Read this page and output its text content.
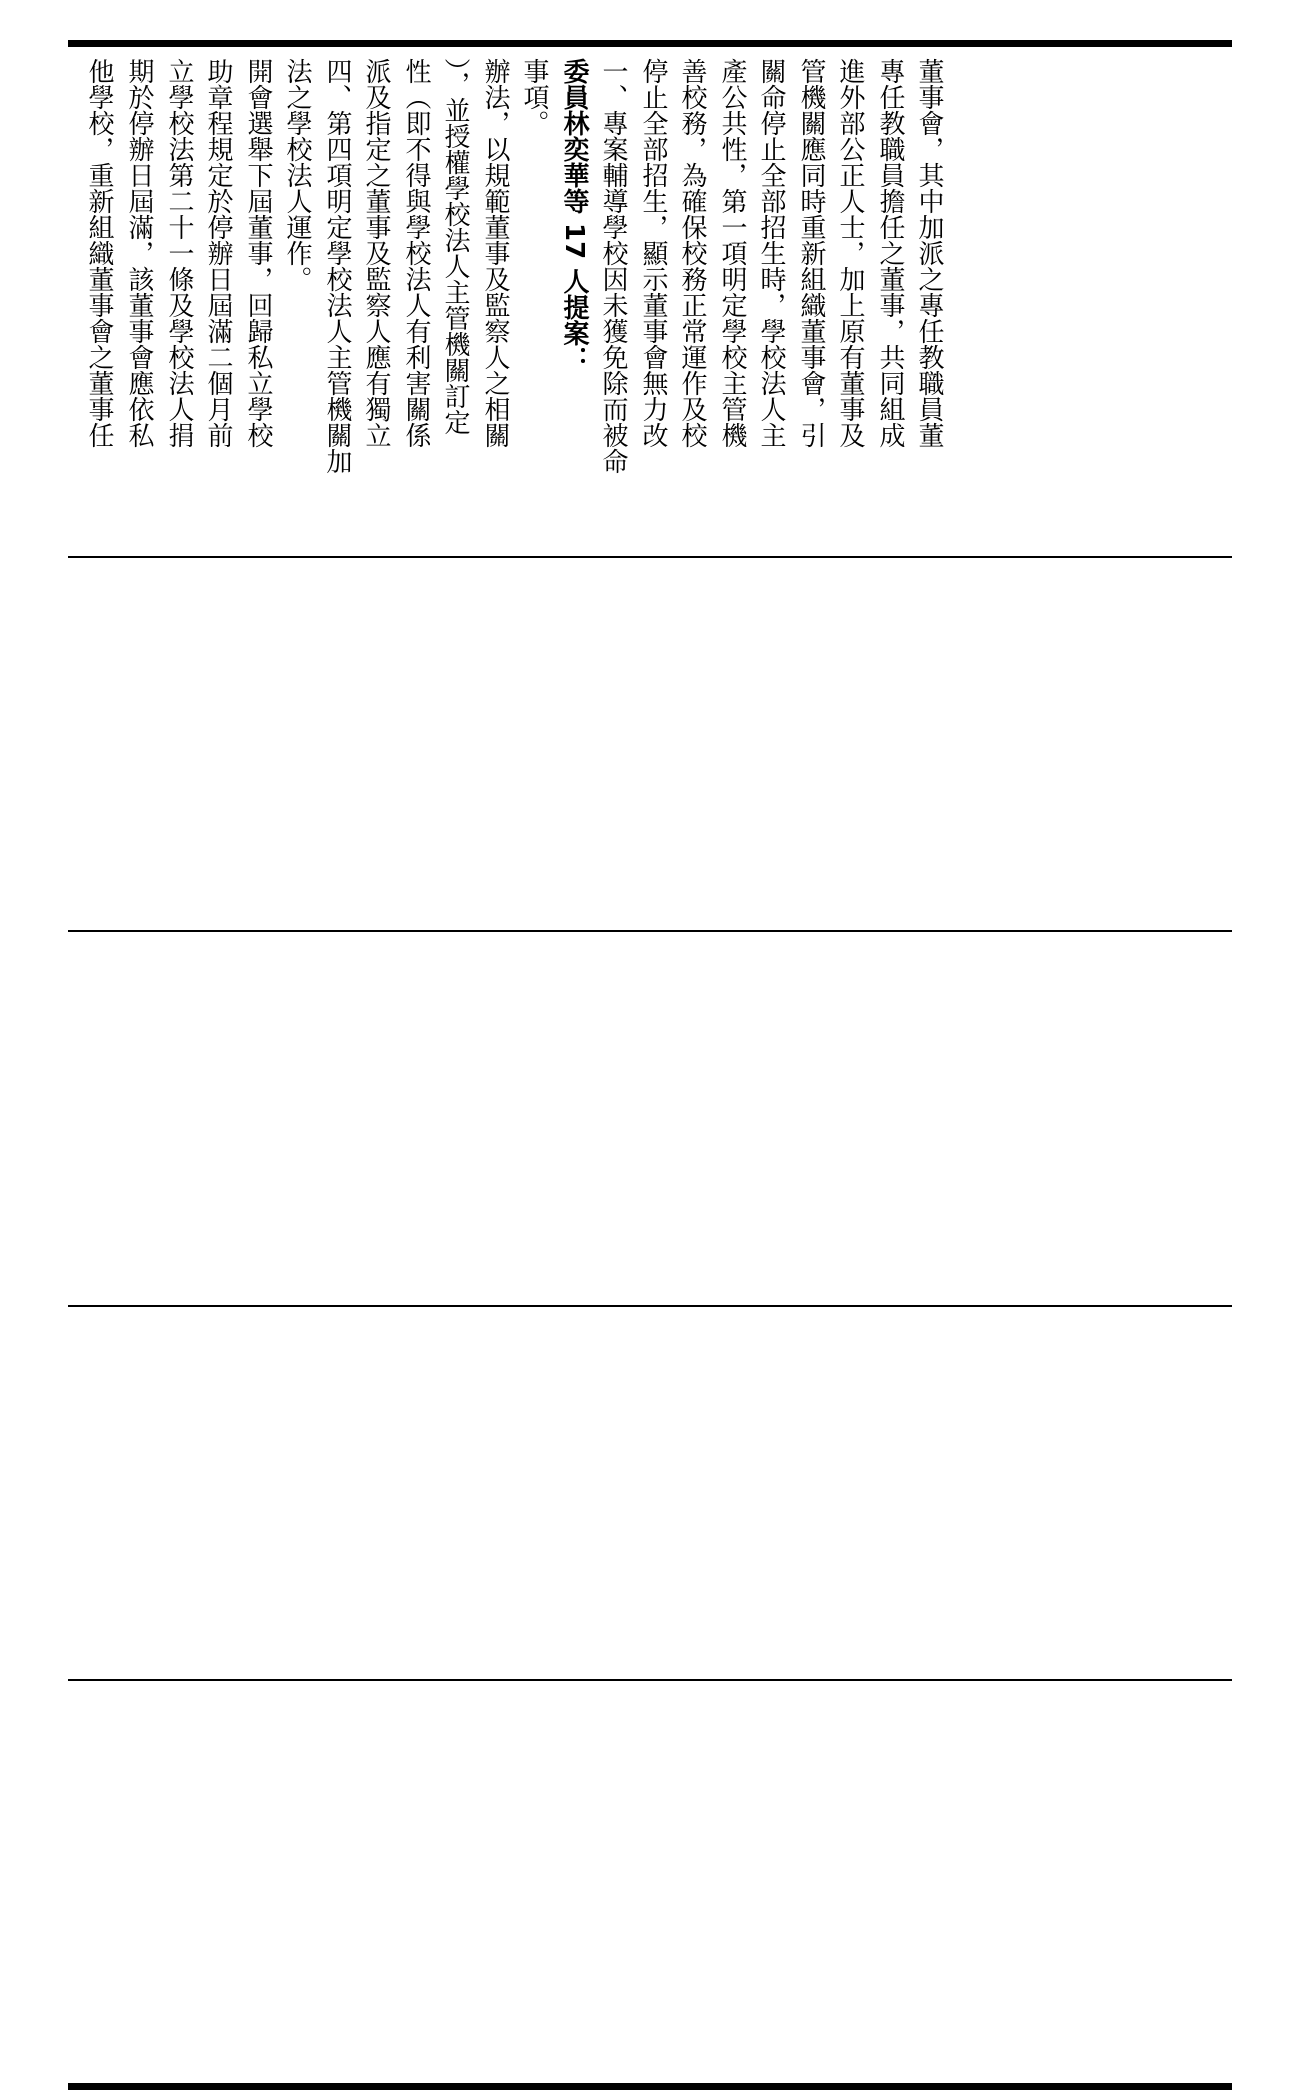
他學校，重新組織董事會之董事任 期於停辦日屆滿，該董事會應依私 立學校法第二十一條及學校法人捐 助章程規定於停辦日屆滿二個月前 開會選舉下屆董事，回歸私立學校 法之學校法人運作。 四、第四項明定學校法人主管機關加 派及指定之董事及監察人應有獨立 性（即不得與學校法人有利害關係 ），並授權學校法人主管機關訂定 辦法，以規範董事及監察人之相關 事項。 委員林奕華等 17 人提案： 一、專案輔導學校因未獲免除而被命 停止全部招生，顯示董事會無力改 善校務，為確保校務正常運作及校 產公共性，第一項明定學校主管機 關命停止全部招生時，學校法人主 管機關應同時重新組織董事會，引 進外部公正人士，加上原有董事及 專任教職員擔任之董事，共同組成 董事會，其中加派之專任教職員董
